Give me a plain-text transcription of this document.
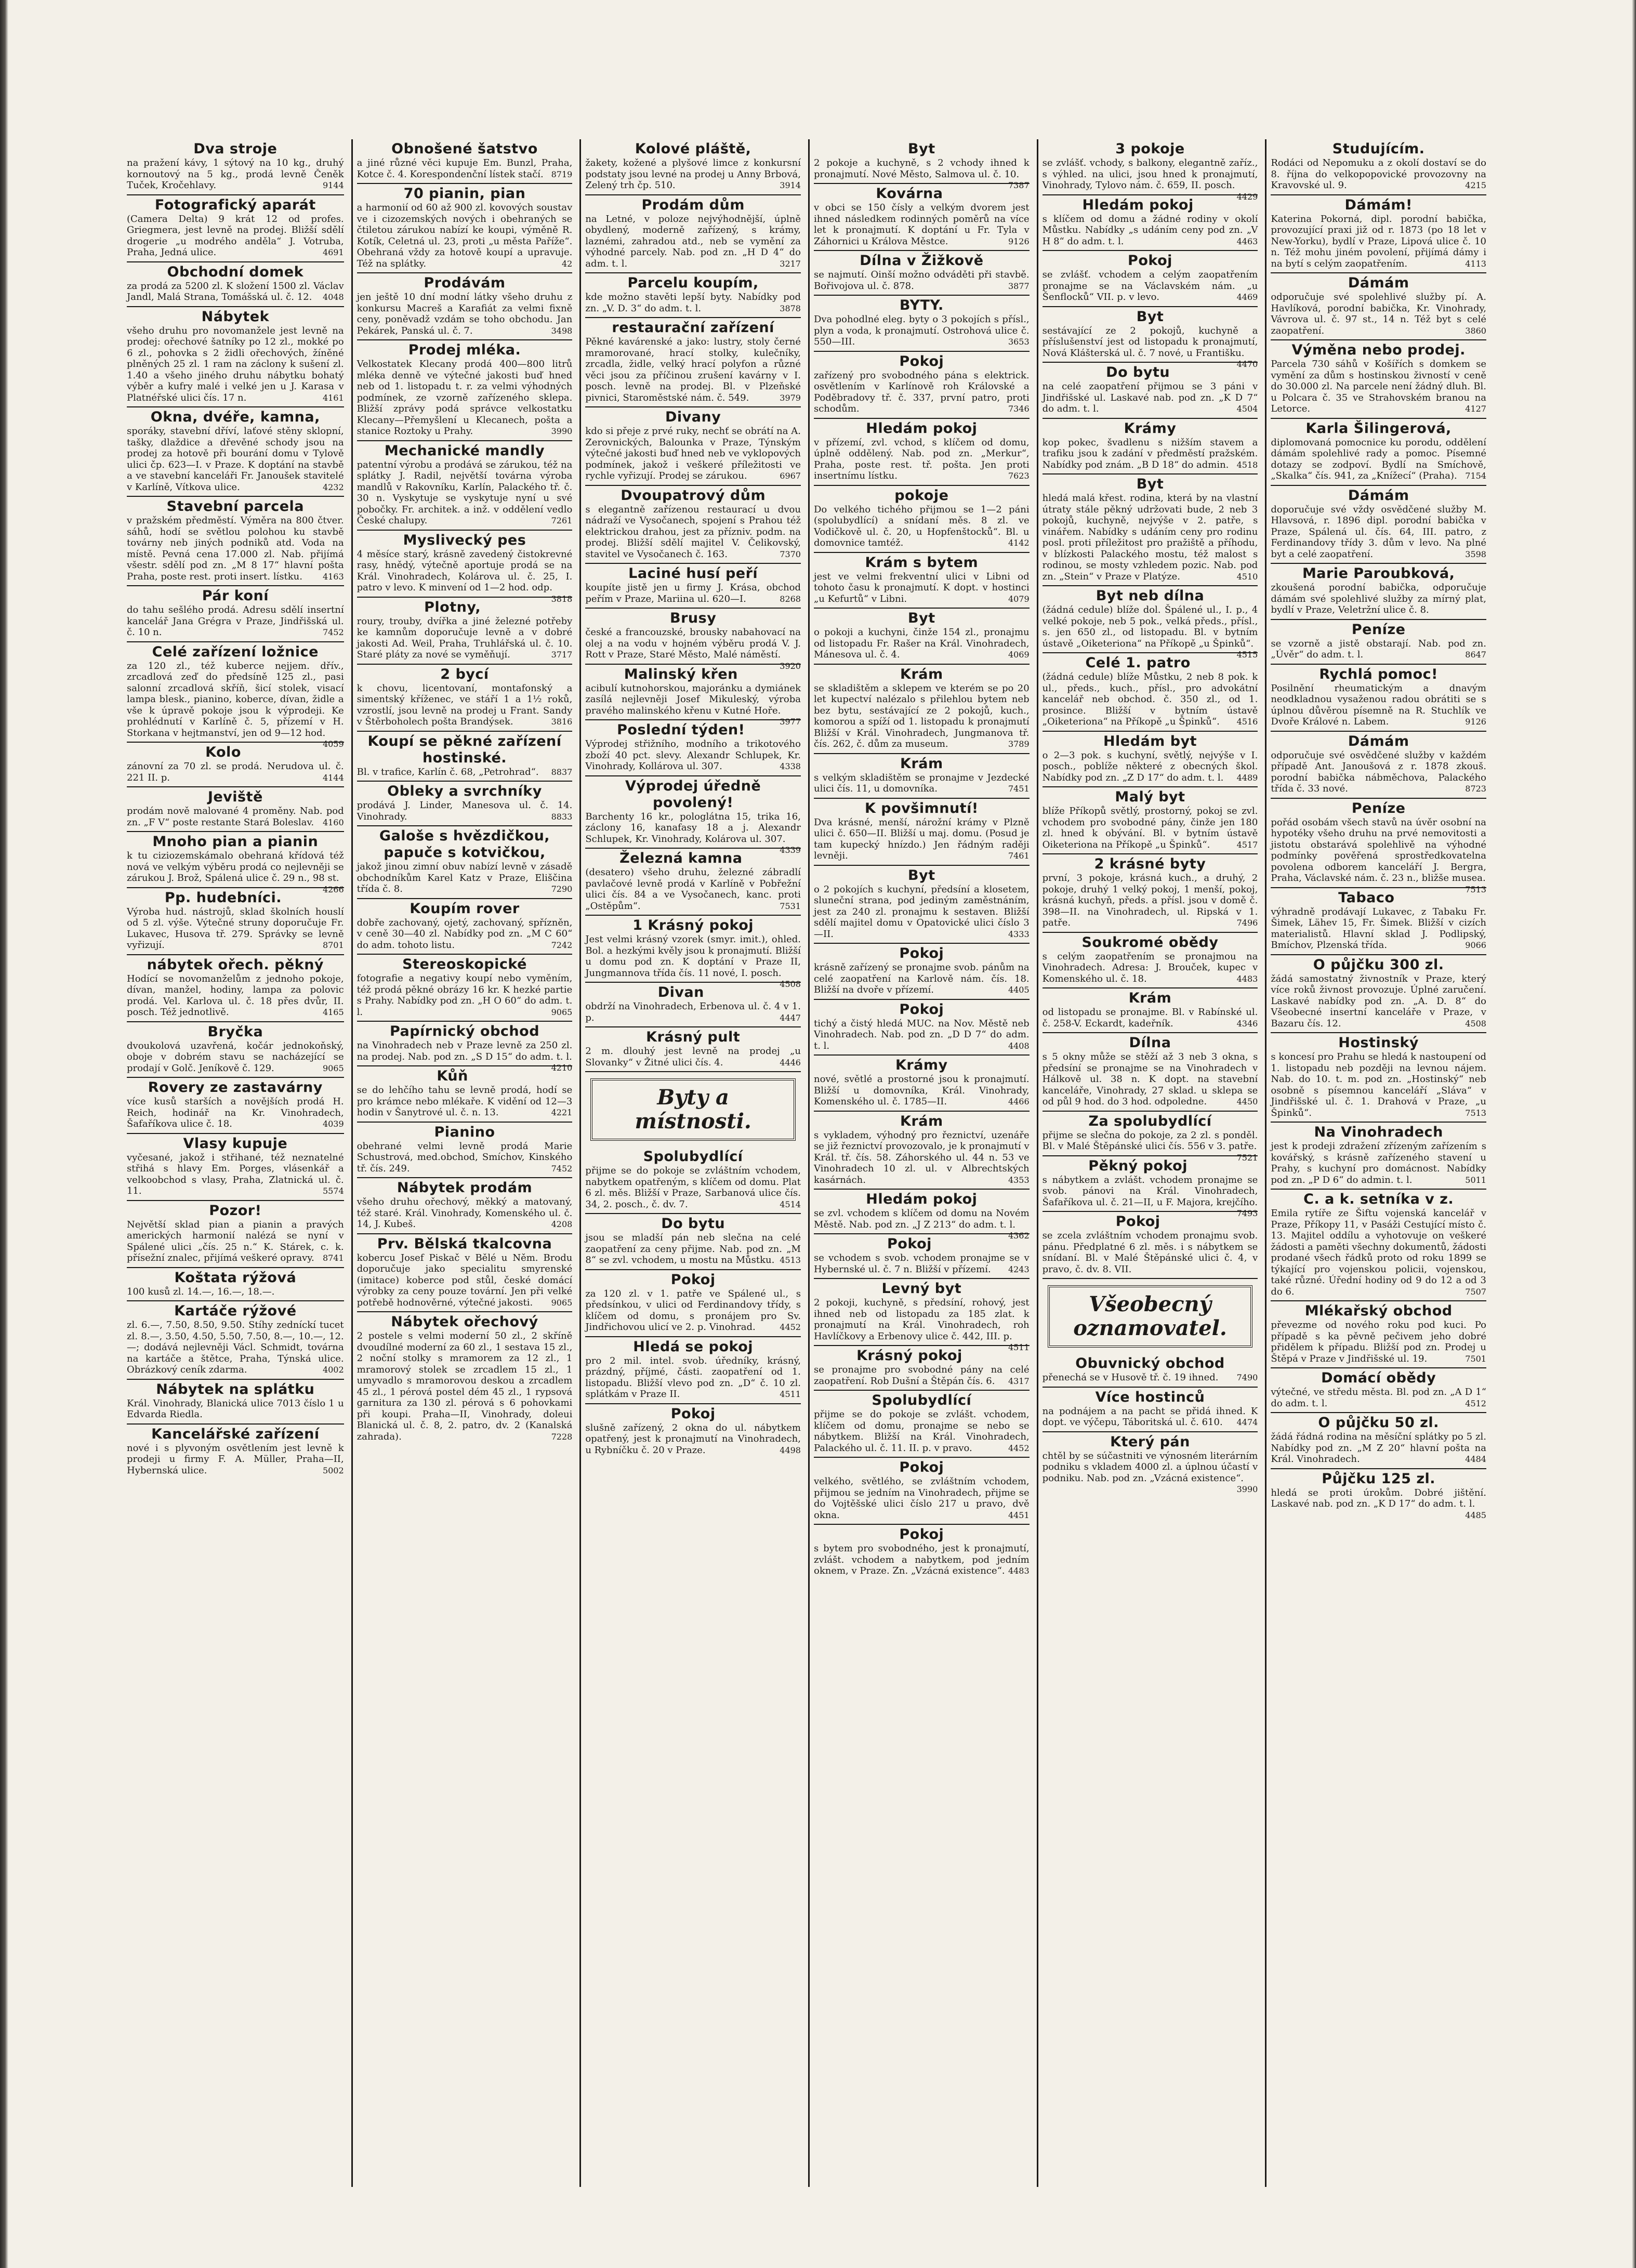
Dva stroje
na pražení kávy, 1 sýtový na 10 kg., druhý kornoutový na 5 kg., prodá levně Čeněk Tuček, Kročehlavy.	9144
Fotografický aparát
(Camera Delta) 9 krát 12 od profes. Griegmera, jest levně na prodej. Bližší sdělí drogerie „u modrého anděla“ J. Votruba, Praha, Jedná ulice.	4691
Obchodní domek
za prodá za 5200 zl. K složení 1500 zl. Václav Jandl, Malá Strana, Tomášská ul. č. 12.	4048
Nábytek
všeho druhu pro novomanžele jest levně na prodej: ořechové šatníky po 12 zl., mokké po 6 zl., pohovka s 2 židli ořechových, žíněné plněných 25 zl. 1 ram na záclony k sušení zl. 1.40 a všeho jiného druhu nábytku bohatý výběr a kufry malé i velké jen u J. Karasa v Platnéřské ulici čís. 17 n.	4161
Okna, dvéře, kamna,
sporáky, stavební dříví, laťové stěny sklopní, tašky, dlaždice a dřevěné schody jsou na prodej za hotově při bourání domu v Tylově ulici čp. 623—I. v Praze. K doptání na stavbě a ve stavební kanceláři Fr. Janoušek stavitelé v Karlíně, Vítkova ulice.	4232
Stavební parcela
v pražském předměstí. Výměra na 800 čtver. sáhů, hodí se světlou polohou ku stavbě továrny neb jiných podniků atd. Voda na místě. Pevná cena 17.000 zl. Nab. přijímá všestr. sdělí pod zn. „M 8 17“ hlavní pošta Praha, poste rest. proti insert. lístku.	4163
Pár koní
do tahu sešlého prodá. Adresu sdělí insertní kancelář Jana Grégra v Praze, Jindřišská ul. č. 10 n.	7452
Celé zařízení ložnice
za 120 zl., též kuberce nejjem. dřív., zrcadlová zeď do předsíně 125 zl., pasi salonní zrcadlová skříň, šicí stolek, visací lampa blesk., pianino, koberce, dívan, židle a vše k úpravě pokoje jsou k výprodeji. Ke prohlédnutí v Karlíně č. 5, přízemí v H. Storkana v hejtmanství, jen od 9—12 hod.
4059
Kolo
zánovní za 70 zl. se prodá. Nerudova ul. č. 221 II. p.	4144
Jeviště
prodám nově malované 4 proměny. Nab. pod zn. „F V“ poste restante Stará Boleslav.	4160
Mnoho pian a pianin
k tu ciziozemskámalo obehraná křídová též nová ve velkým výběru prodá co nejlevněji se zárukou J. Brož, Spálená ulice č. 29 n., 98 st.
4266
Pp. hudebníci.
Výroba hud. nástrojů, sklad školních houslí od 5 zl. výše. Výtečné struny doporučuje Fr. Lukavec, Husova tř. 279. Správky se levně vyřizují.	8701
nábytek ořech. pěkný
Hodící se novomanželům z jednoho pokoje, dívan, manžel, hodiny, lampa za polovic prodá. Vel. Karlova ul. č. 18 přes dvůr, II. posch. Též jednotlivě.	4165
Bryčka
dvoukolová uzavřená, kočár jednokoňský, oboje v dobrém stavu se nacházející se prodají v Golč. Jeníkově č. 129.	9065
Rovery ze zastavárny
více kusů starších a novějších prodá H. Reich, hodinář na Kr. Vinohradech, Šafaříkova ulice č. 18.	4039
Vlasy kupuje
vyčesané, jakož i střihané, též neznatelné střihá s hlavy Em. Porges, vlásenkář a velkoobchod s vlasy, Praha, Zlatnická ul. č. 11.	5574
Pozor!
Největší sklad pian a pianin a pravých amerických harmonií nalézá se nyní v Spálené ulici „čís. 25 n.“ K. Stárek, c. k. přísežní znalec, přijímá veškeré opravy.	8741
Koštata rýžová
100 kusů zl. 14.—, 16.—, 18.—.
Kartáče rýžové
zl. 6.—, 7.50, 8.50, 9.50. Stíhy zedníckí tucet zl. 8.—, 3.50, 4.50, 5.50, 7.50, 8.—, 10.—, 12.—; dodává nejlevněji Václ. Schmidt, továrna na kartáče a štětce, Praha, Týnská ulice. Obrázkový ceník zdarma.	4002
Nábytek na splátku
Král. Vinohrady, Blanická ulice 7013 číslo 1 u Edvarda Riedla.
Kancelářské zařízení
nové i s plyvoným osvětlením jest levně k prodeji u firmy F. A. Müller, Praha—II, Hybernská ulice.	5002
Obnošené šatstvo
a jiné různé věci kupuje Em. Bunzl, Praha, Kotce č. 4. Korespondenční lístek stačí. 8719
70 pianin, pian
a harmonií od 60 až 900 zl. kovových soustav ve i cizozemských nových i obehraných se čtiletou zárukou nabízí ke koupi, výměně R. Kotík, Celetná ul. 23, proti „u města Paříže“. Obehraná vždy za hotově koupí a upravuje. Též na splátky.	42
Prodávám
jen ještě 10 dní modní látky všeho druhu z konkursu Macreš a Karafiát za velmi fixně ceny, poněvadž vzdám se toho obchodu. Jan Pekárek, Panská ul. č. 7.	3498
Prodej mléka.
Velkostatek Klecany prodá 400—800 litrů mléka denně ve výtečné jakosti buď hned neb od 1. listopadu t. r. za velmi výhodných podmínek, ze vzorně zařízeného sklepa. Bližší zprávy podá správce velkostatku Klecany—Přemyšlení u Klecanech, pošta a stanice Roztoky u Prahy.	3990
Mechanické mandly
patentní výrobu a prodává se zárukou, též na splátky J. Radil, největší továrna výroba mandlů v Rakovníku, Karlín, Palackého tř. č. 30 n. Vyskytuje se vyskytuje nyní u své pobočky. Fr. architek. a inž. v oddělení vedlo České chalupy.	7261
Myslivecký pes
4 měsíce starý, krásně zavedený čistokrevné rasy, hnědý, výtečně aportuje prodá se na Král. Vinohradech, Kolárova ul. č. 25, I. patro v levo. K minvení od 1—2 hod. odp.
3818
Plotny,
roury, trouby, dvířka a jiné železné potřeby ke kamnům doporučuje levně a v dobré jakosti Ad. Weil, Praha, Truhlářská ul. č. 10. Staré pláty za nové se vyměňují.	3717
2 bycí
k chovu, licentovaní, montafonský a simentský kříženec, ve stáří 1 a 1½ roků, vzrostlí, jsou levně na prodej u Frant. Sandy v Štěrboholech pošta Brandýsek.	3816
Koupí se pěkné zařízení hostinské.
Bl. v trafice, Karlín č. 68, „Petrohrad“.	8837
Obleky a svrchníky
prodává J. Linder, Manesova ul. č. 14. Vinohrady.	8833
Galoše s hvězdičkou, papuče s kotvičkou,
jakož jinou zimní obuv nabízí levně v zásadě obchodníkům Karel Katz v Praze, Eliščina třída č. 8.	7290
Koupím rover
dobře zachovaný, ojetý, zachovaný, spřízněn, v ceně 30—40 zl. Nabídky pod zn. „M C 60“ do adm. tohoto listu.	7242
Stereoskopické
fotografie a negativy koupí nebo vyměním, též prodá pěkné obrázy 16 kr. K hezké partie s Prahy. Nabídky pod zn. „H O 60“ do adm. t. l.	9065
Papírnický obchod
na Vinohradech neb v Praze levně za 250 zl. na prodej. Nab. pod zn. „S D 15“ do adm. t. l.
4210
Kůň
se do lehčího tahu se levně prodá, hodí se pro krámce nebo mlékaře. K vidění od 12—3 hodin v Šanytrové ul. č. n. 13.	4221
Pianino
obehrané velmi levně prodá Marie Schustrová, med.obchod, Smíchov, Kinského tř. čís. 249.	7452
Nábytek prodám
všeho druhu ořechový, měkký a matovaný, též staré. Král. Vinohrady, Komenského ul. č. 14, J. Kubeš.	4208
Prv. Bělská tkalcovna
kobercu Josef Piskač v Bělé u Něm. Brodu doporučuje jako specialitu smyrenské (imitace) koberce pod stůl, české domácí výrobky za ceny pouze tovární. Jen při velké potřebě hodnověrné, výtečné jakosti.	9065
Nábytek ořechový
2 postele s velmi moderní 50 zl., 2 skříně dvoudílné moderní za 60 zl., 1 sestava 15 zl., 2 noční stolky s mramorem za 12 zl., 1 mramorový stolek se zrcadlem 15 zl., 1 umyvadlo s mramorovou deskou a zrcadlem 45 zl., 1 pérová postel dém 45 zl., 1 rypsová garnitura za 130 zl. pérová s 6 pohovkami při koupi. Praha—II, Vinohrady, doleui Blanická ul. č. 8, 2. patro, dv. 2 (Kanalská zahrada).	7228
Kolové pláště,
žakety, kožené a plyšové limce z konkursní podstaty jsou levné na prodej u Anny Brbová, Zelený trh čp. 510.	3914
Prodám dům
na Letné, v poloze nejvýhodnější, úplně obydlený, moderně zařízený, s krámy, laznémi, zahradou atd., neb se vymění za výhodné parcely. Nab. pod zn. „H D 4“ do adm. t. l.	3217
Parcelu koupím,
kde možno stavěti lepší byty. Nabídky pod zn. „V. D. 3“ do adm. t. l.	3878
restaurační zařízení
Pěkné kavárenské a jako: lustry, stoly černé mramorované, hrací stolky, kulečníky, zrcadla, židle, velký hrací polyfon a různé věci jsou za příčinou zrušení kavárny v I. posch. levně na prodej. Bl. v Plzeňské pivnici, Staroměstské nám. č. 549.	3979
Divany
kdo si přeje z prvé ruky, nechť se obrátí na A. Zerovnických, Balounka v Praze, Týnským výtečné jakosti buď hned neb ve vyklopových podmínek, jakož i veškeré příležitosti ve rychle vyřizují. Prodej se zárukou.	6967
Dvoupatrový dům
s elegantně zařízenou restaurací u dvou nádraží ve Vysočanech, spojení s Prahou též elektrickou drahou, jest za přízniv. podm. na prodej. Bližší sdělí majitel V. Čelikovský, stavitel ve Vysočanech č. 163.	7370
Laciné husí peří
koupíte jistě jen u firmy J. Krása, obchod peřím v Praze, Mariina ul. 620—I.	8268
Brusy
české a francouzské, brousky nabahovací na olej a na vodu v hojném výběru prodá V. J. Rott v Praze, Staré Město, Malé náměstí.
3920
Malinský křen
acibulí kutnohorskou, majoránku a dymiánek zasílá nejlevněji Josef Mikuleský, výroba pravého malinského křenu v Kutné Hoře.
3977
Poslední týden!
Výprodej střižního, modního a trikotového zboží 40 pct. slevy. Alexandr Schlupek, Kr. Vinohrady, Kollárova ul. 307.	4338
Výprodej úředně povolený!
Barchenty 16 kr., pologlátna 15, trika 16, záclony 16, kanafasy 18 a j. Alexandr Schlupek, Kr. Vinohrady, Kolárova ul. 307.
4339
Železná kamna
(desatero) všeho druhu, železné zábradlí pavlačové levně prodá v Karlíně v Pobřežní ulici čís. 84 a ve Vysočanech, kanc. proti „Ostěpům“.	7531
1 Krásný pokoj
Jest velmi krásný vzorek (smyr. imit.), ohled. Bol. a hezkými kvěly jsou k pronajmutí. Bližší u domu pod zn. K doptání v Praze II, Jungmannova třída čís. 11 nové, I. posch.
4508
Divan
obdrží na Vinohradech, Erbenova ul. č. 4 v 1. p.	4447
Krásný pult
2 m. dlouhý jest levně na prodej „u Slovanky“ v Žitné ulici čís. 4.	4446
Byty a místnosti.
Spolubydlící
přijme se do pokoje se zvláštním vchodem, nabytkem opatřeným, s klíčem od domu. Plat 6 zl. měs. Bližší v Praze, Sarbanová ulice čís. 34, 2. posch., č. dv. 7.	4514
Do bytu
jsou se mladší pán neb slečna na celé zaopatření za ceny přijme. Nab. pod zn. „M 8“ se zvl. vchodem, u mostu na Můstku. 4513
Pokoj
za 120 zl. v 1. patře ve Spálené ul., s předsínkou, v ulici od Ferdinandovy třídy, s klíčem od domu, s pronájem pro Sv. Jindřichovou ulicí ve 2. p. Vinohrad.	4452
Hledá se pokoj
pro 2 mil. intel. svob. úředníky, krásný, prázdný, příjmé, části. zaopatření od 1. listopadu. Bližší vlevo pod zn. „D“ č. 10 zl. splátkám v Praze II.	4511
Pokoj
slušně zařízený, 2 okna do ul. nábytkem opatřený, jest k pronajmutí na Vinohradech, u Rybníčku č. 20 v Praze.	4498
Byt
2 pokoje a kuchyně, s 2 vchody ihned k pronajmutí. Nové Město, Salmova ul. č. 10.
7387
Kovárna
v obci se 150 čísly a velkým dvorem jest ihned následkem rodinných poměrů na více let k pronajmutí. K doptání u Fr. Tyla v Záhornici u Králova Městce.	9126
Dílna v Žižkově
se najmutí. Oinší možno odváděti při stavbě. Bořivojova ul. č. 878.	3877
BYTY.
Dva pohodlné eleg. byty o 3 pokojích s přísl., plyn a voda, k pronajmutí. Ostrohová ulice č. 550—III.	3653
Pokoj
zařízený pro svobodného pána s elektrick. osvětlením v Karlínově roh Královské a Poděbradovy tř. č. 337, první patro, proti schodům.	7346
Hledám pokoj
v přízemí, zvl. vchod, s klíčem od domu, úplně oddělený. Nab. pod zn. „Merkur“, Praha, poste rest. tř. pošta. Jen proti insertnímu lístku.	7623
pokoje
Do velkého tichého přijmou se 1—2 páni (spolubydlící) a snídaní měs. 8 zl. ve Vodičkově ul. č. 20, u Hopfenštocků“. Bl. u domovnice tamtéž.	4142
Krám s bytem
jest ve velmi frekventní ulici v Libni od tohoto času k pronajmutí. K dopt. v hostinci „u Kefurtů“ v Libni.	4079
Byt
o pokoji a kuchyni, činže 154 zl., pronajmu od listopadu Fr. Rašer na Král. Vinohradech, Mánesova ul. č. 4.	4069
Krám
se skladištěm a sklepem ve kterém se po 20 let kupectví nalézalo s přilehlou bytem neb bez bytu, sestávající ze 2 pokojů, kuch., komorou a spíží od 1. listopadu k pronajmutí Bližší v Král. Vinohradech, Jungmanova tř. čís. 262, č. dům za museum.	3789
Krám
s velkým skladištěm se pronajme v Jezdecké ulici čís. 11, u domovníka.	7451
K povšimnutí!
Dva krásné, menší, nárožní krámy v Plzně ulici č. 650—II. Bližší u maj. domu. (Posud je tam kupecký hnízdo.) Jen řádným raději levněji.	7461
Byt
o 2 pokojích s kuchyní, předsíní a klosetem, sluneční strana, pod jediným zaměstnáním, jest za 240 zl. pronajmu k sestaven. Bližší sdělí majitel domu v Opatovické ulici číslo 3—II.	4333
Pokoj
krásně zařízený se pronajme svob. pánům na celé zaopatření na Karlově nám. čís. 18. Bližší na dvoře v přízemí.	4405
Pokoj
tichý a čistý hledá MUC. na Nov. Městě neb Vinohradech. Nab. pod zn. „D D 7“ do adm. t. l.	4408
Krámy
nové, světlé a prostorné jsou k pronajmutí. Bližší u domovníka, Král. Vinohrady, Komenského ul. č. 1785—II.	4466
Krám
s vykladem, výhodný pro řeznictví, uzenáře se již řeznictví provozovalo, je k pronajmutí v Král. tř. čís. 58. Záhorského ul. 44 n. 53 ve Vinohradech 10 zl. ul. v Albrechtských kasárnách.	4353
Hledám pokoj
se zvl. vchodem s klíčem od domu na Novém Městě. Nab. pod zn. „J Z 213“ do adm. t. l.
4362
Pokoj
se vchodem s svob. vchodem pronajme se v Hybernské ul. č. 7 n. Bližší v přízemí.	4243
Levný byt
2 pokoji, kuchyně, s předsíní, rohový, jest ihned neb od listopadu za 185 zlat. k pronajmutí na Král. Vinohradech, roh Havlíčkovy a Erbenovy ulice č. 442, III. p.
4511
Krásný pokoj
se pronajme pro svobodné pány na celé zaopatření. Rob Dušní a Štěpán čís. 6.	4317
Spolubydlící
přijme se do pokoje se zvlášt. vchodem, klíčem od domu, pronajme se nebo se nábytkem. Bližší na Král. Vinohradech, Palackého ul. č. 11. II. p. v pravo.	4452
Pokoj
velkého, světlého, se zvláštním vchodem, přijmou se jedním na Vinohradech, přijme se do Vojtěšské ulici číslo 217 u pravo, dvě okna.	4451
Pokoj
s bytem pro svobodného, jest k pronajmutí, zvlášt. vchodem a nabytkem, pod jedním oknem, v Praze. Zn. „Vzácná existence“. 4483
3 pokoje
se zvlášť. vchody, s balkony, elegantně zaříz., s výhled. na ulici, jsou hned k pronajmutí, Vinohrady, Tylovo nám. č. 659, II. posch.
4429
Hledám pokoj
s klíčem od domu a žádné rodiny v okolí Můstku. Nabídky „s udáním ceny pod zn. „V H 8“ do adm. t. l.	4463
Pokoj
se zvlášť. vchodem a celým zaopatřením pronajme se na Václavském nám. „u Šenflocků“ VII. p. v levo.	4469
Byt
sestávající ze 2 pokojů, kuchyně a příslušenství jest od listopadu k pronajmutí, Nová Klášterská ul. č. 7 nové, u Františku.
4470
Do bytu
na celé zaopatření přijmou se 3 páni v Jindřišské ul. Laskavé nab. pod zn. „K D 7“ do adm. t. l.	4504
Krámy
kop pokec, švadlenu s nižším stavem a trafiku jsou k zadání v předměstí pražském. Nabídky pod znám. „B D 18“ do admin. 4518
Byt
hledá malá křest. rodina, která by na vlastní útraty stále pěkný udržovati bude, 2 neb 3 pokojů, kuchyně, nejvýše v 2. patře, s vinářem. Nabídky s udáním ceny pro rodinu posl. proti příležitost pro pražiště a příhodu, v blízkosti Palackého mostu, též malost s rodinou, se mosty vzhledem pozic. Nab. pod zn. „Stein“ v Praze v Platýze.	4510
Byt neb dílna
(žádná cedule) blíže dol. Špálené ul., I. p., 4 velké pokoje, neb 5 pok., velká předs., přísl., s. jen 650 zl., od listopadu. Bl. v bytním ústavě „Oiketeriona“ na Příkopě „u Špinků“.
4515
Celé 1. patro
(žádná cedule) blíže Můstku, 2 neb 8 pok. k ul., předs., kuch., přísl., pro advokátní kancelář neb obchod. č. 350 zl., od 1. prosince. Bližší v bytním ústavě „Oiketeriona“ na Příkopě „u Špinků“.	4516
Hledám byt
o 2—3 pok. s kuchyní, světlý, nejvýše v I. posch., poblíže některé z obecných škol. Nabídky pod zn. „Z D 17“ do adm. t. l.	4489
Malý byt
blíže Příkopů světlý, prostorný, pokoj se zvl. vchodem pro svobodné pány, činže jen 180 zl. hned k obývání. Bl. v bytním ústavě Oiketeriona na Příkopě „u Špinků“.	4517
2 krásné byty
první, 3 pokoje, krásná kuch., a druhý, 2 pokoje, druhý 1 velký pokoj, 1 menší, pokoj, krásná kuchyň, předs. a přísl. jsou v domě č. 398—II. na Vinohradech, ul. Ripská v 1. patře.	7496
Soukromé obědy
s celým zaopatřením se pronajmou na Vinohradech. Adresa: J. Brouček, kupec v Komenského ul. č. 18.	4483
Krám
od listopadu se pronajme. Bl. v Rabínské ul. č. 258-V. Eckardt, kadeřník.	4346
Dílna
s 5 okny může se stěží až 3 neb 3 okna, s předsíní se pronajme se na Vinohradech v Hálkově ul. 38 n. K dopt. na stavební kanceláře, Vinohrady, 27 sklad. u sklepa se od půl 9 hod. do 3 hod. odpoledne.	4450
Za spolubydlící
přijme se slečna do pokoje, za 2 zl. s ponděl. Bl. v Malé Štěpánské ulici čís. 556 v 3. patře.
7521
Pěkný pokoj
s nábytkem a zvlášt. vchodem pronajme se svob. pánovi na Král. Vinohradech, Šafaříkova ul. č. 21—II, u F. Majora, krejčího.
7493
Pokoj
se zcela zvláštním vchodem pronajmu svob. pánu. Předplatné 6 zl. měs. i s nábytkem se snídaní. Bl. v Malé Štěpánské ulici č. 4, v pravo, č. dv. 8. VII.
Všeobecný oznamovatel.
Obuvnický obchod
přenechá se v Husově tř. č. 19 ihned.	7490
Více hostinců
na podnájem a na pacht se přidá ihned. K dopt. ve výčepu, Táboritská ul. č. 610.	4474
Který pán
chtěl by se súčastniti ve výnosném literárním podniku s vkladem 4000 zl. a úplnou účastí v podniku. Nab. pod zn. „Vzácná existence“.
3990
Studujícím.
Rodáci od Nepomuku a z okolí dostaví se do 8. října do velkopopovické provozovny na Kravovské ul. 9.	4215
Dámám!
Katerina Pokorná, dipl. porodní babička, provozující praxi již od r. 1873 (po 18 let v New-Yorku), bydlí v Praze, Lipová ulice č. 10 n. Též mohu jiném povolení, přijímá dámy i na bytí s celým zaopatřením.	4113
Dámám
odporučuje své spolehlivé služby pí. A. Havlíková, porodní babička, Kr. Vinohrady, Vávrova ul. č. 97 st., 14 n. Též byt s celé zaopatření.	3860
Výměna nebo prodej.
Parcela 730 sáhů v Košířích s domkem se vymění za dům s hostinskou živností v ceně do 30.000 zl. Na parcele není žádný dluh. Bl. u Polcara č. 35 ve Strahovském branou na Letorce.	4127
Karla Šilingerová,
diplomovaná pomocnice ku porodu, oddělení dámám spolehlivé rady a pomoc. Písemné dotazy se zodpoví. Bydlí na Smíchově, „Skalka“ čís. 941, za „Knížecí“ (Praha). 7154
Dámám
doporučuje své vždy osvědčené služby M. Hlavsová, r. 1896 dipl. porodní babička v Praze, Spálená ul. čís. 64, III. patro, z Ferdinandovy třídy 3. dům v levo. Na plné byt a celé zaopatření.	3598
Marie Paroubková,
zkoušená porodní babička, odporučuje dámám své spolehlivé služby za mírný plat, bydlí v Praze, Veletržní ulice č. 8.
Peníze
se vzorně a jistě obstarají. Nab. pod zn. „Úvěr“ do adm. t. l.	8647
Rychlá pomoc!
Posilnění rheumatickým a dnavým neodkladnou vysaženou radou obrátiti se s úplnou důvěrou písemně na R. Stuchlík ve Dvoře Králové n. Labem.	9126
Dámám
odporučuje své osvědčené služby v každém případě Ant. Janoušová z r. 1878 zkouš. porodní babička nábměchova, Palackého třída č. 33 nové.	8723
Peníze
pořád osobám všech stavů na úvěr osobní na hypotéky všeho druhu na prvé nemovitosti a jistotu obstarává spolehlivě na výhodné podmínky pověřená sprostředkovatelna povolena odborem kanceláří J. Bergra, Praha, Václavské nám. č. 23 n., bližše musea.
7513
Tabaco
výhradně prodávají Lukavec, z Tabaku Fr. Šimek, Lähev 15, Fr. Šimek. Bližší v cizích materialistů. Hlavní sklad J. Podlipský, Bmíchov, Plzenská třída.	9066
O půjčku 300 zl.
žádá samostatný živnostník v Praze, který více roků živnost provozuje. Úplné zaručení. Laskavé nabídky pod zn. „A. D. 8“ do Všeobecné insertní kanceláře v Praze, v Bazaru čís. 12.	4508
Hostinský
s koncesí pro Prahu se hledá k nastoupení od 1. listopadu neb později na levnou nájem. Nab. do 10. t. m. pod zn. „Hostinský“ neb osobně s písemnou kanceláří „Sláva“ v Jindřišské ul. č. 1. Drahová v Praze, „u Špinků“.	7513
Na Vinohradech
jest k prodeji zdražení zřízeným zařízením s kovářský, s krásně zařízeného stavení u Prahy, s kuchyní pro domácnost. Nabídky pod zn. „P D 6“ do admin. t. l.	5011
C. a k. setníka v z.
Emila rytíře ze Šiftu vojenská kancelář v Praze, Příkopy 11, v Pasáži Cestující místo č. 13. Majitel oddílu a vyhotovuje on veškeré žádosti a paměti všechny dokumentů, žádosti prodané všech řádků proto od roku 1899 se týkající pro vojenskou policii, vojenskou, také různé. Úřední hodiny od 9 do 12 a od 3 do 6.	7507
Mlékařský obchod
převezme od nového roku pod kuci. Po případě s ka pěvně pečivem jeho dobré přidělem k případu. Bližší pod zn. Prodej u Štěpá v Praze v Jindřišské ul. 19.	7501
Domácí obědy
výtečné, ve středu města. Bl. pod zn. „A D 1“ do adm. t. l.	4512
O půjčku 50 zl.
žádá řádná rodina na měsíční splátky po 5 zl. Nabídky pod zn. „M Z 20“ hlavní pošta na Král. Vinohradech.	4484
Půjčku 125 zl.
hledá se proti úrokům. Dobré jištění. Laskavé nab. pod zn. „K D 17“ do adm. t. l.
4485
